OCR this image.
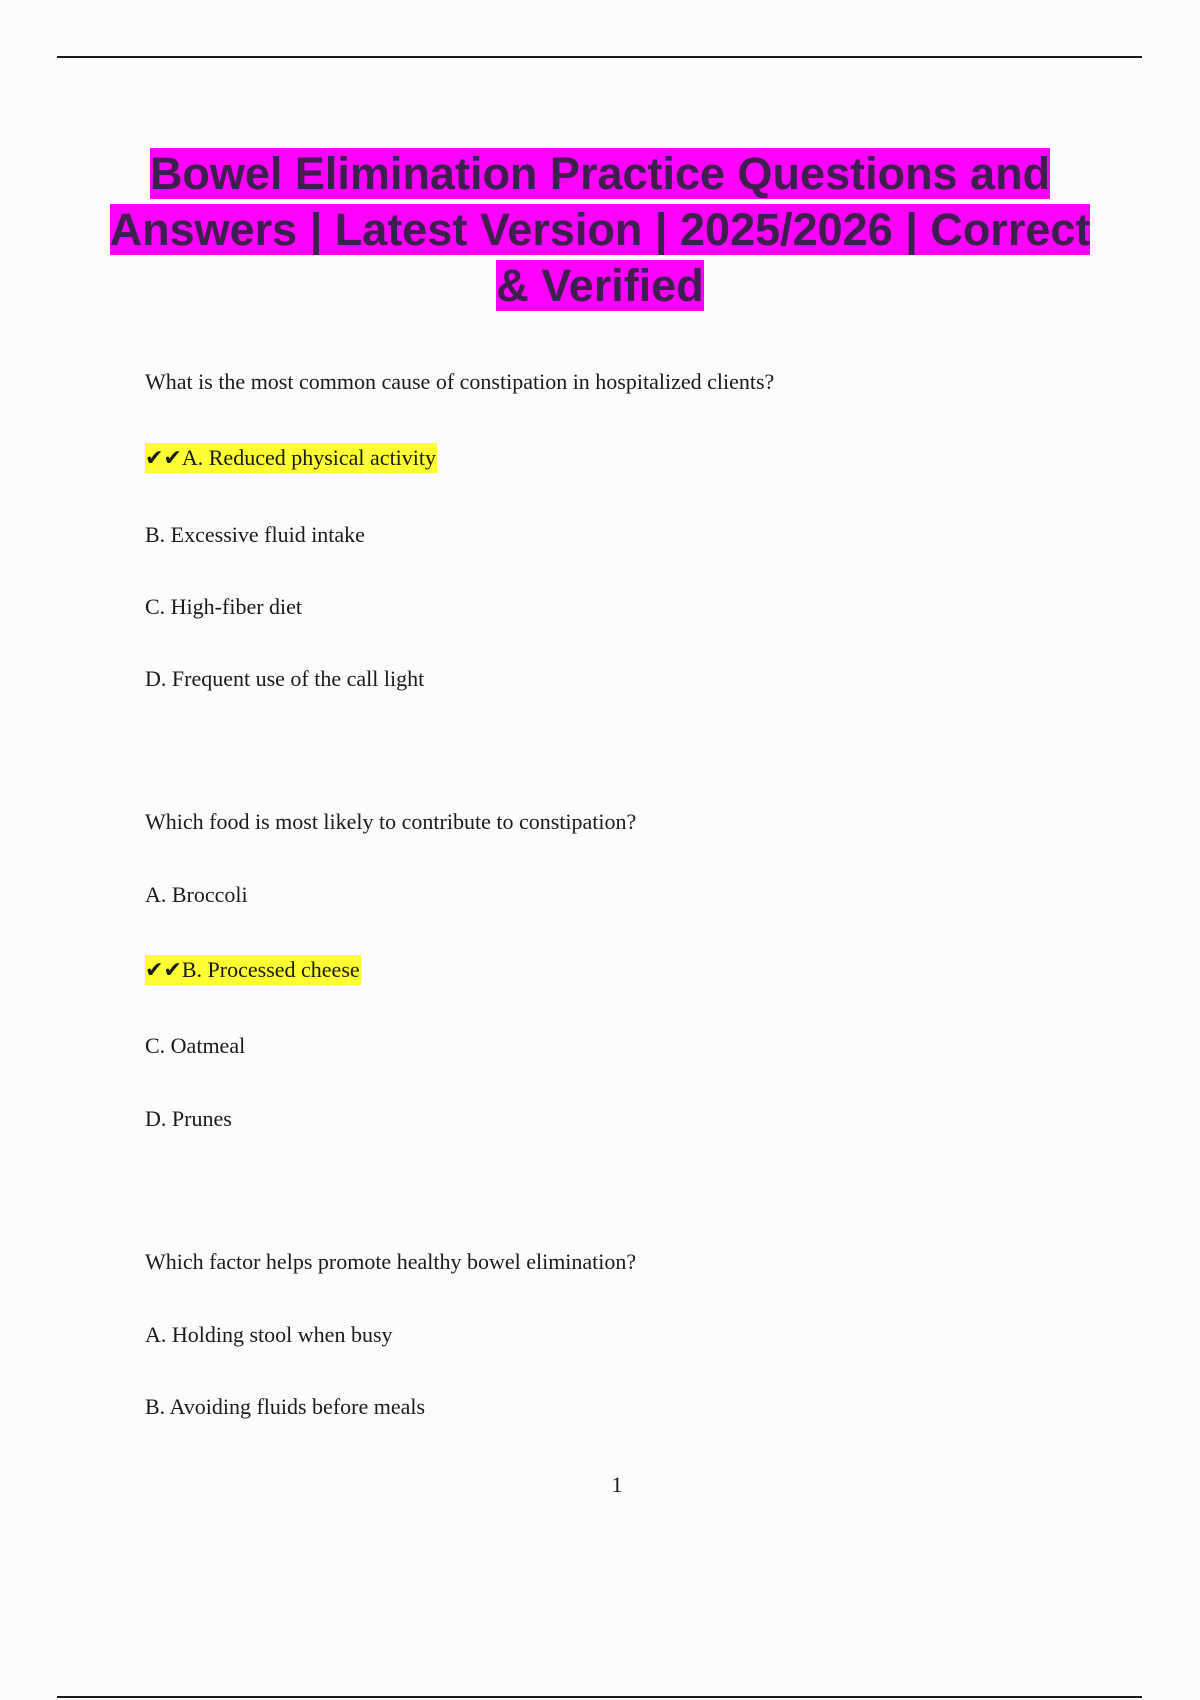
Bowel Elimination Practice Questions and Answers | Latest Version | 2025/2026 | Correct & Verified
What is the most common cause of constipation in hospitalized clients?
✔✔A. Reduced physical activity
B. Excessive fluid intake
C. High-fiber diet
D. Frequent use of the call light
Which food is most likely to contribute to constipation?
A. Broccoli
✔✔B. Processed cheese
C. Oatmeal
D. Prunes
Which factor helps promote healthy bowel elimination?
A. Holding stool when busy
B. Avoiding fluids before meals
1
